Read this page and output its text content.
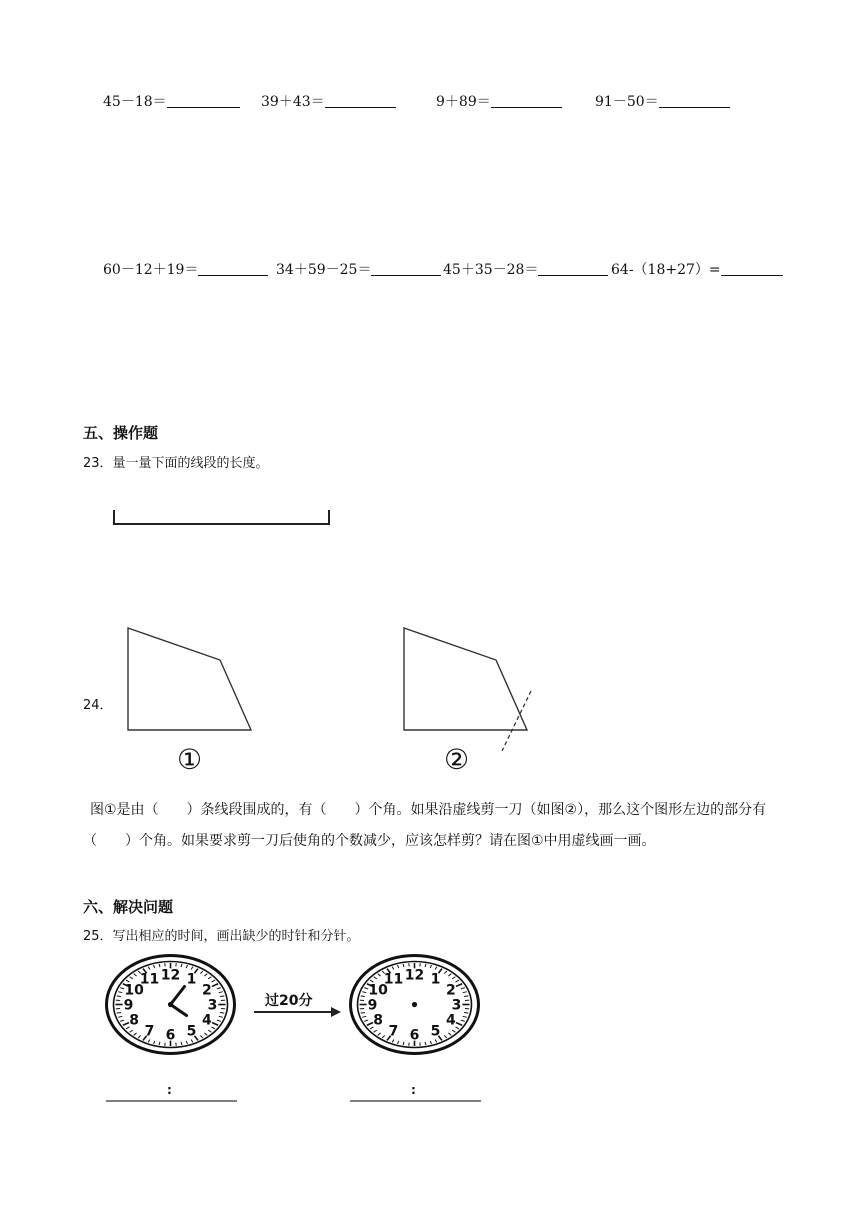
45－18＝	39＋43＝	9＋89＝	91－50＝
60－12＋19＝	34＋59－25＝	45＋35－28＝	64-（18+27）=
五、操作题
23．量一量下面的线段的长度。
24．
①	②
图①是由（　　）条线段围成的，有（　　）个角。如果沿虚线剪一刀（如图②），那么这个图形左边的部分有（　　）个角。如果要求剪一刀后使角的个数减少，应该怎样剪？请在图①中用虚线画一画。
六、解决问题
25．写出相应的时间，画出缺少的时针和分针。
1
2
3
4
5
6
7
8
9
10
11 12	1
2
3
4
5
6
7
8
9
10
11 12
过20分
:	:
